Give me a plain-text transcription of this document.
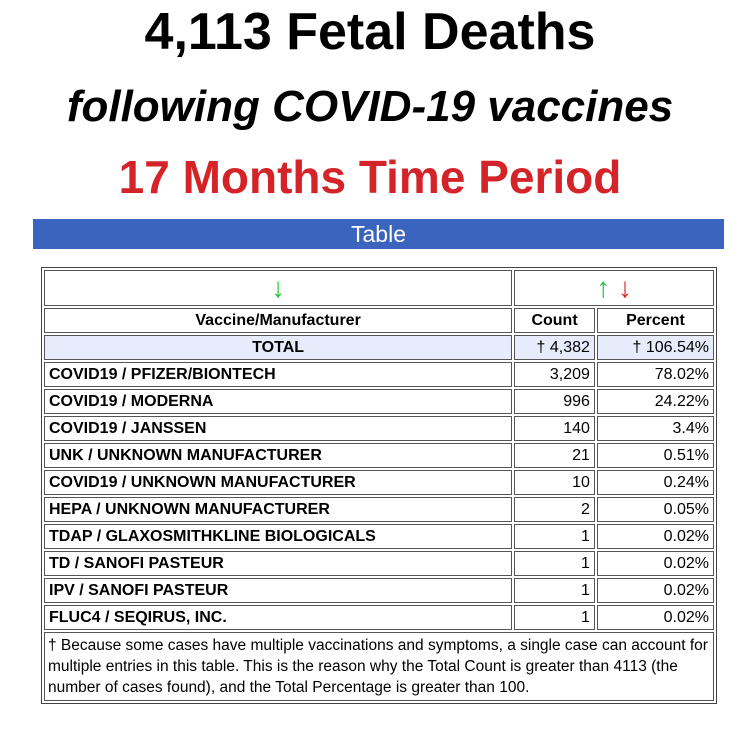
4,113 Fetal Deaths
following COVID-19 vaccines
17 Months Time Period
Table
↓	↑ ↓	
Vaccine/Manufacturer	Count	Percent
TOTAL	† 4,382	† 106.54%
COVID19 / PFIZER/BIONTECH	3,209	78.02%
COVID19 / MODERNA	996	24.22%
COVID19 / JANSSEN	140	3.4%
UNK / UNKNOWN MANUFACTURER	21	0.51%
COVID19 / UNKNOWN MANUFACTURER	10	0.24%
HEPA / UNKNOWN MANUFACTURER	2	0.05%
TDAP / GLAXOSMITHKLINE BIOLOGICALS	1	0.02%
TD / SANOFI PASTEUR	1	0.02%
IPV / SANOFI PASTEUR	1	0.02%
FLUC4 / SEQIRUS, INC.	1	0.02%
† Because some cases have multiple vaccinations and symptoms, a single case can account for multiple entries in this table. This is the reason why the Total Count is greater than 4113 (the number of cases found), and the Total Percentage is greater than 100.		
